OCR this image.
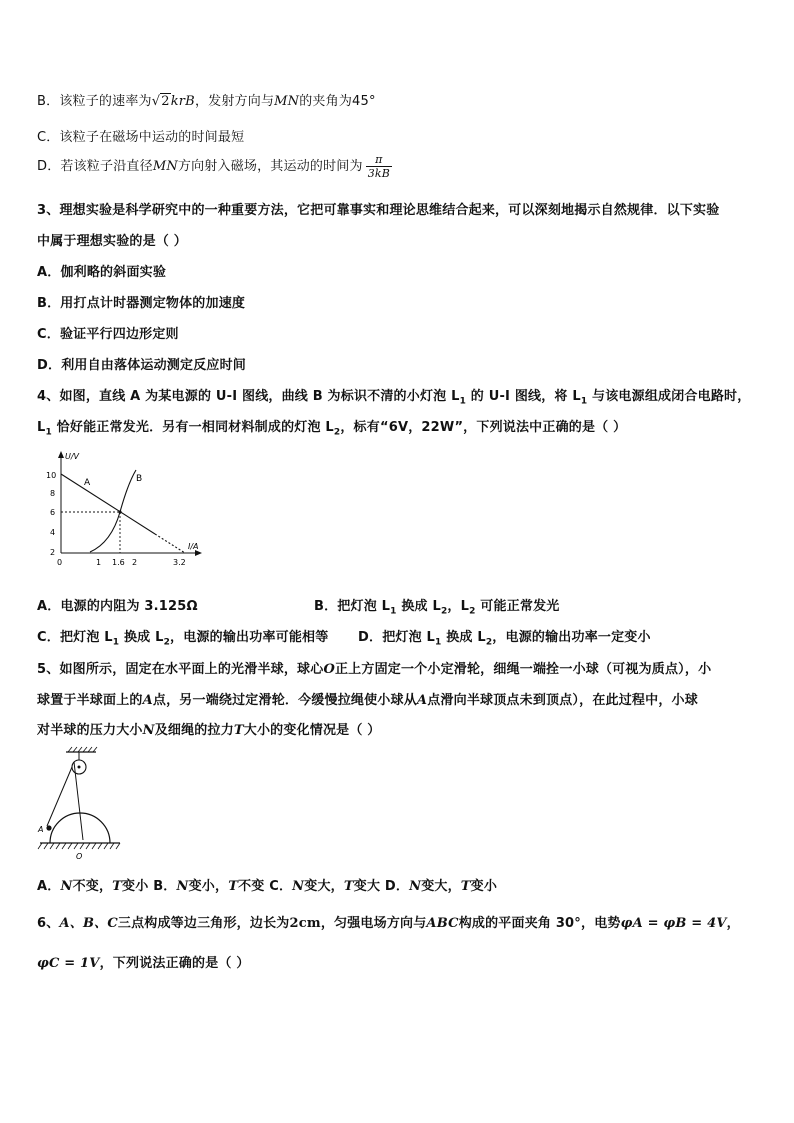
B．该粒子的速率为√2krB，发射方向与MN的夹角为45°
C．该粒子在磁场中运动的时间最短
D．若该粒子沿直径MN方向射入磁场，其运动的时间为 $\frac{\pi}{3kB}$
3、理想实验是科学研究中的一种重要方法，它把可靠事实和理论思维结合起来，可以深刻地揭示自然规律．以下实验
中属于理想实验的是（ ）
A．伽利略的斜面实验
B．用打点计时器测定物体的加速度
C．验证平行四边形定则
D．利用自由落体运动测定反应时间
4、如图，直线 A 为某电源的 U-I 图线，曲线 B 为标识不清的小灯泡 $L_1$ 的 U-I 图线，将 $L_1$ 与该电源组成闭合电路时，
$L_1$ 恰好能正常发光．另有一相同材料制成的灯泡 $L_2$，标有“6V，22W”，下列说法中正确的是（ ）
U/V
I/A
10
8
6
4
2
0	1 1.6 2	3.2
A	B
A．电源的内阻为 3.125Ω	B．把灯泡 $L_1$ 换成 $L_2$，$L_2$ 可能正常发光
C．把灯泡 $L_1$ 换成 $L_2$，电源的输出功率可能相等 D．把灯泡 $L_1$ 换成 $L_2$，电源的输出功率一定变小
5、如图所示，固定在水平面上的光滑半球，球心O正上方固定一个小定滑轮，细绳一端拴一小球（可视为质点），小
球置于半球面上的A点，另一端绕过定滑轮．今缓慢拉绳使小球从A点滑向半球顶点未到顶点），在此过程中，小球
对半球的压力大小N及细绳的拉力T大小的变化情况是（ ）
A
O
A．N不变，T变小 B．N变小，T不变 C．N变大，T变大 D．N变大，T变小
6、A、B、C三点构成等边三角形，边长为2cm，匀强电场方向与ABC构成的平面夹角 30°，电势φA = φB = 4V，
φC = 1V，下列说法正确的是（ ）
